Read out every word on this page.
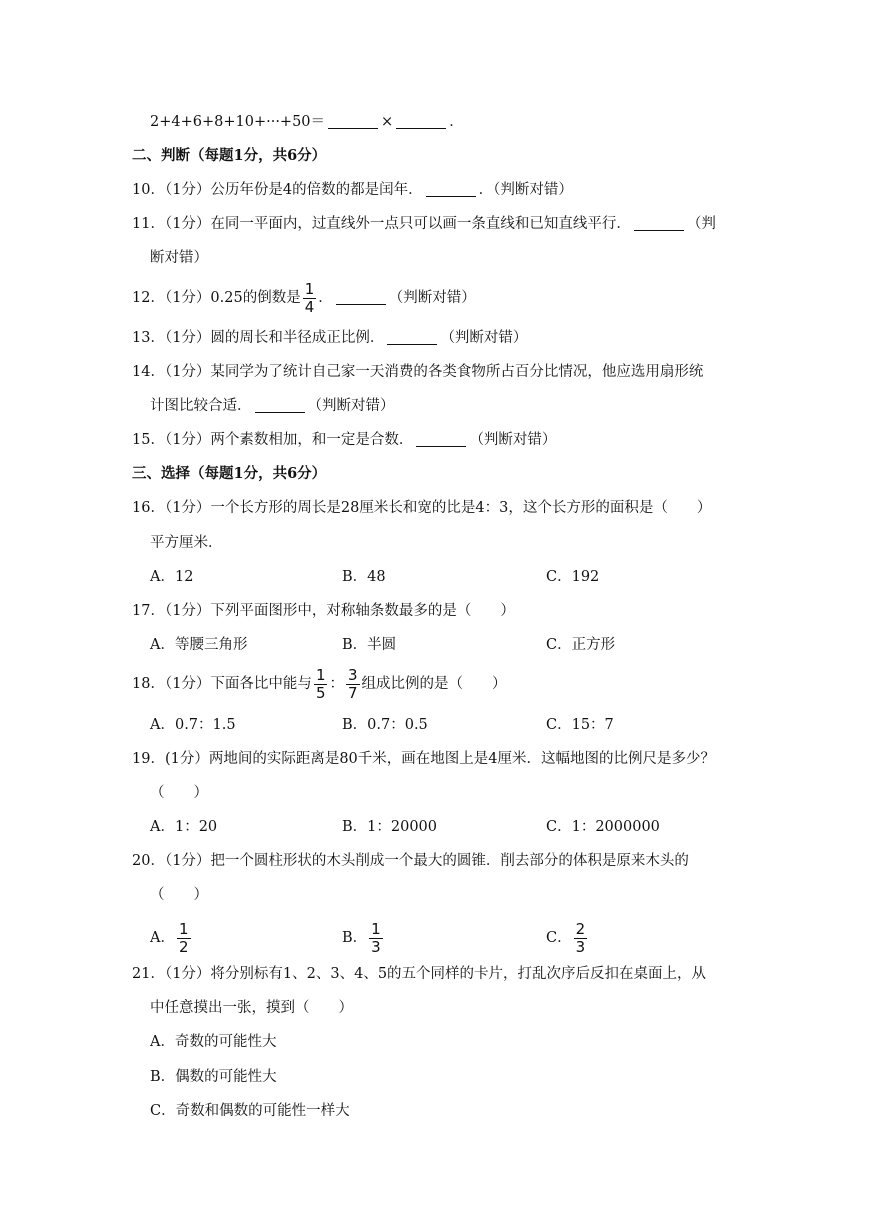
2+4+6+8+10+···+50＝	×	．
二、判断（每题1分，共6分）
10．（1分）公历年份是4的倍数的都是闰年．	．（判断对错）
11．（1分）在同一平面内，过直线外一点只可以画一条直线和已知直线平行．	（判
断对错）
12．（1分）0.25的倒数是 $\frac{1}{4}$ ．	（判断对错）
13．（1分）圆的周长和半径成正比例．	（判断对错）
14．（1分）某同学为了统计自己家一天消费的各类食物所占百分比情况，他应选用扇形统
计图比较合适．	（判断对错）
15．（1分）两个素数相加，和一定是合数．	（判断对错）
三、选择（每题1分，共6分）
16．（1分）一个长方形的周长是28厘米长和宽的比是4：3，这个长方形的面积是（　　）
平方厘米．
A．12	B．48	C．192
17．（1分）下列平面图形中，对称轴条数最多的是（　　）
A．等腰三角形	B．半圆	C．正方形
18．（1分）下面各比中能与 $\frac{1}{5}$ ： $\frac{3}{7}$ 组成比例的是（　　）
A．0.7：1.5	B．0.7：0.5	C．15：7
19．(1分）两地间的实际距离是80千米，画在地图上是4厘米．这幅地图的比例尺是多少？
（　　）
A．1：20	B．1：20000	C．1：2000000
20．（1分）把一个圆柱形状的木头削成一个最大的圆锥．削去部分的体积是原来木头的
（　　）
A． $\frac{1}{2}$	B． $\frac{1}{3}$	C． $\frac{2}{3}$
21．（1分）将分别标有1、2、3、4、5的五个同样的卡片，打乱次序后反扣在桌面上，从
中任意摸出一张，摸到（　　）
A．奇数的可能性大
B．偶数的可能性大
C．奇数和偶数的可能性一样大
